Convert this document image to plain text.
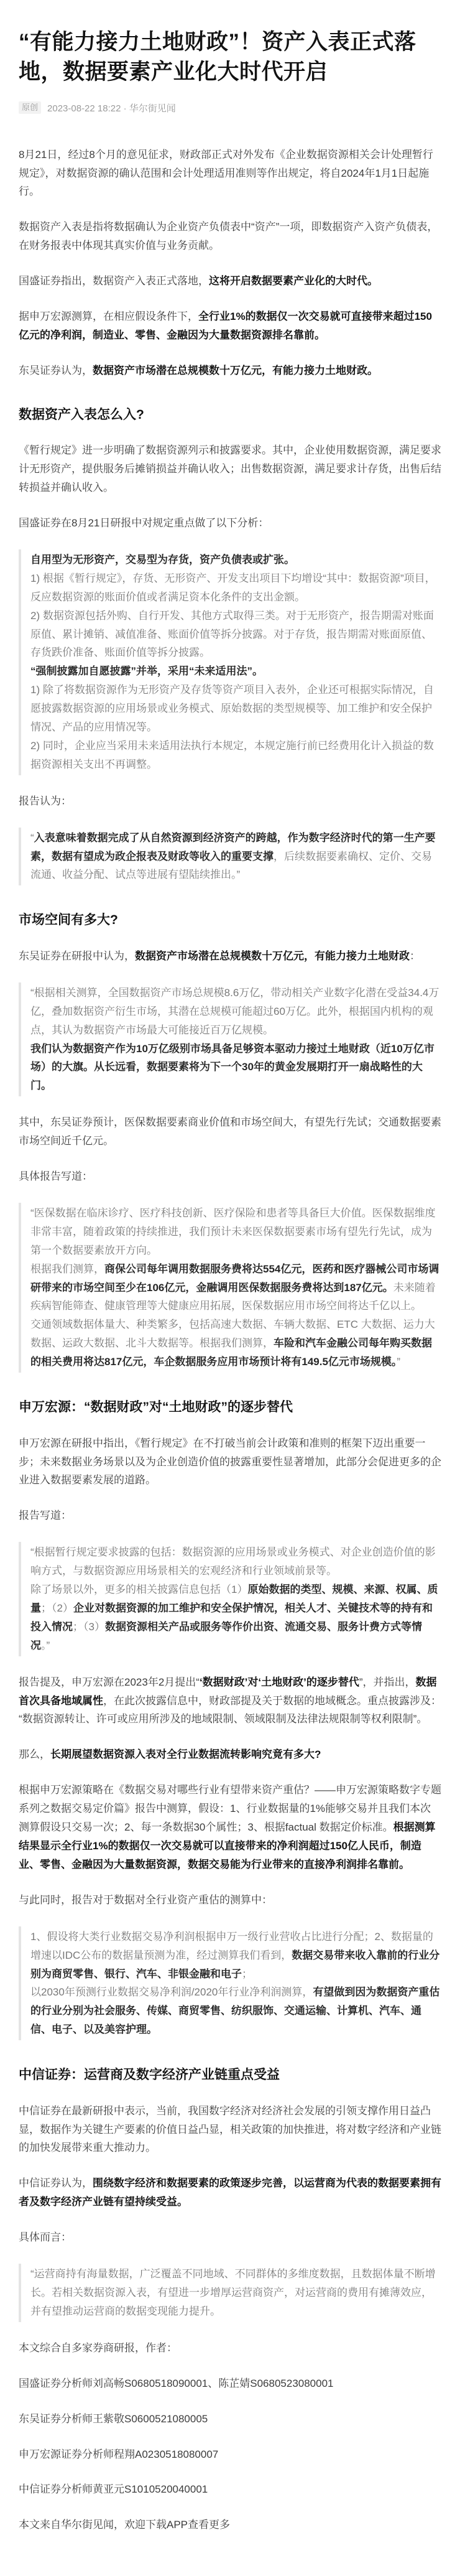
“有能力接力土地财政”！资产入表正式落地，数据要素产业化大时代开启
原创	2023-08-22 18:22 · 华尔街见闻

8月21日，经过8个月的意见征求，财政部正式对外发布《企业数据资源相关会计处理暂行规定》，对数据资源的确认范围和会计处理适用准则等作出规定，将自2024年1月1日起施行。

数据资产入表是指将数据确认为企业资产负债表中“资产”一项，即数据资产入资产负债表，在财务报表中体现其真实价值与业务贡献。

国盛证券指出，数据资产入表正式落地，这将开启数据要素产业化的大时代。

据申万宏源测算，在相应假设条件下，全行业1%的数据仅一次交易就可直接带来超过150亿元的净利润，制造业、零售、金融因为大量数据资源排名靠前。

东吴证券认为，数据资产市场潜在总规模数十万亿元，有能力接力土地财政。

数据资产入表怎么入?

《暂行规定》进一步明确了数据资源列示和披露要求。其中，企业使用数据资源，满足要求计无形资产，提供服务后摊销损益并确认收入；出售数据资源，满足要求计存货，出售后结转损益并确认收入。

国盛证券在8月21日研报中对规定重点做了以下分析：

自用型为无形资产，交易型为存货，资产负债表或扩张。

1) 根据《暂行规定》，存货、无形资产、开发支出项目下均增设“其中：数据资源”项目，反应数据资源的账面价值或者满足资本化条件的支出金额。

2) 数据资源包括外购、自行开发、其他方式取得三类。对于无形资产，报告期需对账面原值、累计摊销、减值准备、账面价值等拆分披露。对于存货，报告期需对账面原值、存货跌价准备、账面价值等拆分披露。

“强制披露加自愿披露”并举，采用“未来适用法”。

1) 除了将数据资源作为无形资产及存货等资产项目入表外，企业还可根据实际情况，自愿披露数据资源的应用场景或业务模式、原始数据的类型规模等、加工维护和安全保护情况、产品的应用情况等。

2) 同时，企业应当采用未来适用法执行本规定，本规定施行前已经费用化计入损益的数据资源相关支出不再调整。

报告认为：

“入表意味着数据完成了从自然资源到经济资产的跨越，作为数字经济时代的第一生产要素，数据有望成为政企报表及财政等收入的重要支撑，后续数据要素确权、定价、交易流通、收益分配、试点等进展有望陆续推出。”

市场空间有多大?

东吴证券在研报中认为，数据资产市场潜在总规模数十万亿元，有能力接力土地财政：

“根据相关测算，全国数据资产市场总规模8.6万亿，带动相关产业数字化潜在受益34.4万亿，叠加数据资产衍生市场，其潜在总规模可能超过60万亿。此外，根据国内机构的观点，其认为数据资产市场最大可能接近百万亿规模。

我们认为数据资产作为10万亿级别市场具备足够资本驱动力接过土地财政（近10万亿市场）的大旗。从长远看，数据要素将为下一个30年的黄金发展期打开一扇战略性的大门。

其中，东吴证券预计，医保数据要素商业价值和市场空间大，有望先行先试；交通数据要素市场空间近千亿元。

具体报告写道：

“医保数据在临床诊疗、医疗科技创新、医疗保险和患者等具备巨大价值。医保数据维度非常丰富，随着政策的持续推进，我们预计未来医保数据要素市场有望先行先试，成为第一个数据要素放开方向。

根据我们测算，商保公司每年调用数据服务费将达554亿元，医药和医疗器械公司市场调研带来的市场空间至少在106亿元，金融调用医保数据服务费将达到187亿元。未来随着疾病智能筛查、健康管理等大健康应用拓展，医保数据应用市场空间将达千亿以上。

交通领域数据体量大、种类繁多，包括高速大数据、车辆大数据、ETC 大数据、运力大数据、运政大数据、北斗大数据等。根据我们测算，车险和汽车金融公司每年购买数据的相关费用将达817亿元，车企数据服务应用市场预计将有149.5亿元市场规模。”

申万宏源：“数据财政”对“土地财政”的逐步替代

申万宏源在研报中指出，《暂行规定》在不打破当前会计政策和准则的框架下迈出重要一步；未来数据业务场景以及为企业创造价值的披露重要性显著增加，此部分会促进更多的企业进入数据要素发展的道路。

报告写道：

“根据暂行规定要求披露的包括：数据资源的应用场景或业务模式、对企业创造价值的影响方式，与数据资源应用场景相关的宏观经济和行业领域前景等。

除了场景以外，更多的相关披露信息包括（1）原始数据的类型、规模、来源、权属、质量；（2）企业对数据资源的加工维护和安全保护情况，相关人才、关键技术等的持有和投入情况；（3）数据资源相关产品或服务等作价出资、流通交易、服务计费方式等情况。”

报告提及，申万宏源在2023年2月提出“‘数据财政’对‘土地财政’的逐步替代”，并指出，数据首次具备地域属性，在此次披露信息中，财政部提及关于数据的地域概念。重点披露涉及：“数据资源转让、许可或应用所涉及的地域限制、领域限制及法律法规限制等权利限制”。

那么，长期展望数据资源入表对全行业数据流转影响究竟有多大?

根据申万宏源策略在《数据交易对哪些行业有望带来资产重估？——申万宏源策略数字专题系列之数据交易定价篇》报告中测算，假设：1、行业数据量的1%能够交易并且我们本次测算假设只交易一次；2、每一条数据30个属性；3、根据factual 数据定价标准。根据测算结果显示全行业1%的数据仅一次交易就可以直接带来的净利润超过150亿人民币，制造业、零售、金融因为大量数据资源，数据交易能为行业带来的直接净利润排名靠前。

与此同时，报告对于数据对全行业资产重估的测算中：

1、假设将大类行业数据交易净利润根据申万一级行业营收占比进行分配；2、数据量的增速以IDC公布的数据量预测为准，经过测算我们看到，数据交易带来收入靠前的行业分别为商贸零售、银行、汽车、非银金融和电子；

以2030年预测行业数据交易净利润/2020年行业净利润测算，有望做到因为数据资产重估的行业分别为社会服务、传媒、商贸零售、纺织服饰、交通运输、计算机、汽车、通信、电子、以及美容护理。

中信证券：运营商及数字经济产业链重点受益

中信证券在最新研报中表示，当前，我国数字经济对经济社会发展的引领支撑作用日益凸显，数据作为关键生产要素的价值日益凸显，相关政策的加快推进，将对数字经济和产业链的加快发展带来重大推动力。

中信证券认为，围绕数字经济和数据要素的政策逐步完善，以运营商为代表的数据要素拥有者及数字经济产业链有望持续受益。

具体而言：

“运营商持有海量数据，广泛覆盖不同地域、不同群体的多维度数据，且数据体量不断增长。若相关数据资源入表，有望进一步增厚运营商资产，对运营商的费用有摊薄效应，并有望推动运营商的数据变现能力提升。

本文综合自多家券商研报，作者：

国盛证券分析师刘高畅S0680518090001、陈芷婧S0680523080001

东吴证券分析师王紫敬S0600521080005

申万宏源证券分析师程翔A0230518080007

中信证券分析师黄亚元S1010520040001

本文来自华尔街见闻，欢迎下载APP查看更多
